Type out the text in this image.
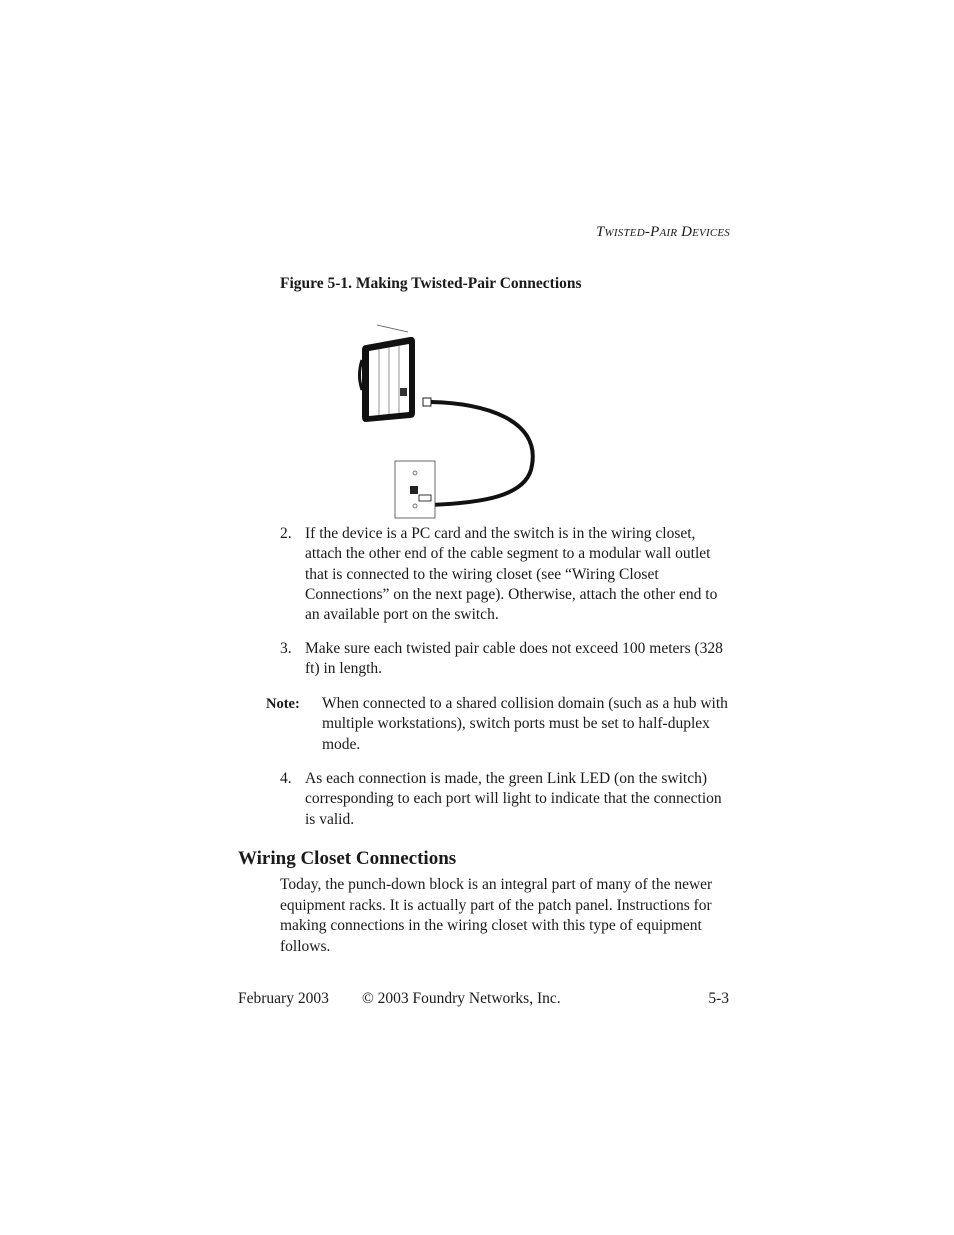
TWISTED-PAIR DEVICES
Figure 5-1. Making Twisted-Pair Connections
2. If the device is a PC card and the switch is in the wiring closet, attach the other end of the cable segment to a modular wall outlet that is connected to the wiring closet (see “Wiring Closet Connections” on the next page). Otherwise, attach the other end to an available port on the switch.
3. Make sure each twisted pair cable does not exceed 100 meters (328 ft) in length.
Note: When connected to a shared collision domain (such as a hub with multiple workstations), switch ports must be set to half-duplex mode.
4. As each connection is made, the green Link LED (on the switch) corresponding to each port will light to indicate that the connection is valid.
Wiring Closet Connections
Today, the punch-down block is an integral part of many of the newer equipment racks. It is actually part of the patch panel. Instructions for making connections in the wiring closet with this type of equipment follows.
February 2003 © 2003 Foundry Networks, Inc.	5-3
